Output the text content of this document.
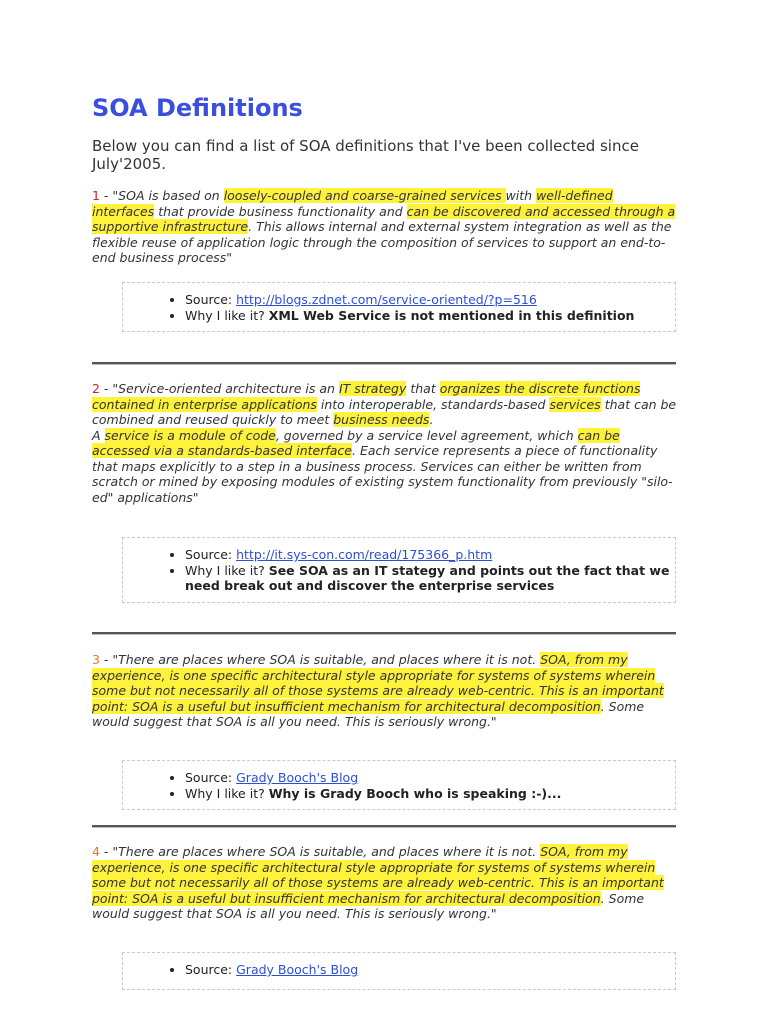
SOA Definitions
Below you can find a list of SOA definitions that I've been collected since July'2005.
1 - "SOA is based on loosely-coupled and coarse-grained services with well-defined interfaces that provide business functionality and can be discovered and accessed through a supportive infrastructure. This allows internal and external system integration as well as the flexible reuse of application logic through the composition of services to support an end-to-end business process"
• Source: http://blogs.zdnet.com/service-oriented/?p=516
• Why I like it? XML Web Service is not mentioned in this definition
2 - "Service-oriented architecture is an IT strategy that organizes the discrete functions contained in enterprise applications into interoperable, standards-based services that can be combined and reused quickly to meet business needs.
A service is a module of code, governed by a service level agreement, which can be accessed via a standards-based interface. Each service represents a piece of functionality that maps explicitly to a step in a business process. Services can either be written from scratch or mined by exposing modules of existing system functionality from previously "silo-ed" applications"
• Source: http://it.sys-con.com/read/175366_p.htm
• Why I like it? See SOA as an IT stategy and points out the fact that we need break out and discover the enterprise services
3 - "There are places where SOA is suitable, and places where it is not. SOA, from my experience, is one specific architectural style appropriate for systems of systems wherein some but not necessarily all of those systems are already web-centric. This is an important point: SOA is a useful but insufficient mechanism for architectural decomposition. Some would suggest that SOA is all you need. This is seriously wrong."
• Source: Grady Booch's Blog
• Why I like it? Why is Grady Booch who is speaking :-)...
4 - "There are places where SOA is suitable, and places where it is not. SOA, from my experience, is one specific architectural style appropriate for systems of systems wherein some but not necessarily all of those systems are already web-centric. This is an important point: SOA is a useful but insufficient mechanism for architectural decomposition. Some would suggest that SOA is all you need. This is seriously wrong."
• Source: Grady Booch's Blog
